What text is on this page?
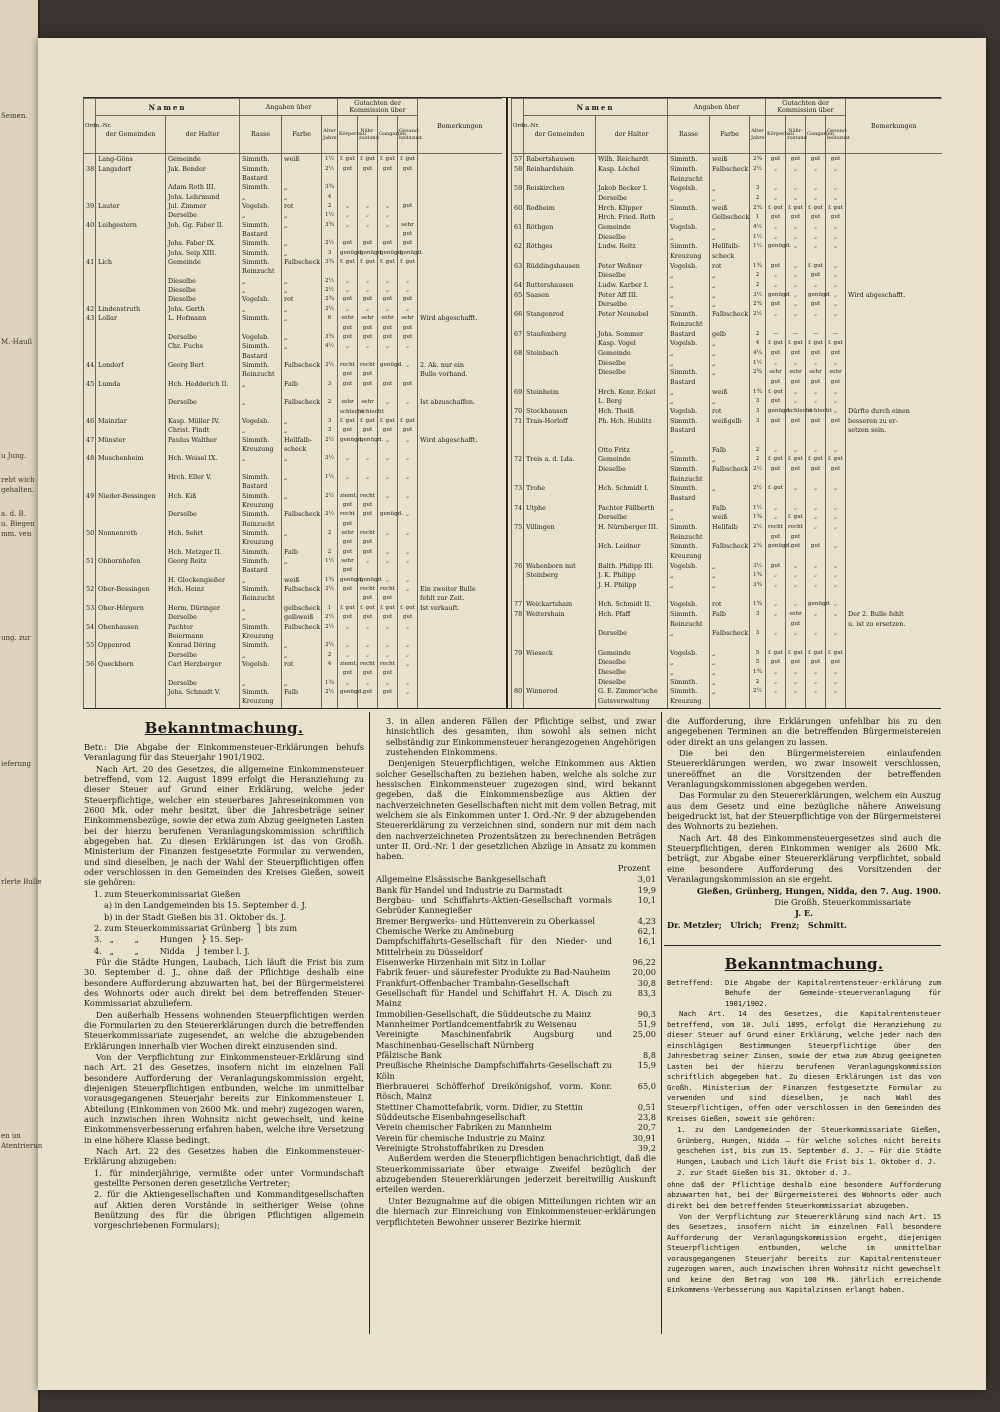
Seinen.
M.-Hauß
u Jung.
rebt wich
gehalten.
a. d. B.
u. Biegen
mm. ven
ung. zur
ieferung
rlerte Bulle
en un
Atentrierun
Ordn.-Nr.	Namen		Angaben über			Gutachten der Kommission über				Bemerkungen
	der Gemeinden	der Halter	Rasse	Farbe	Alter Jahre	Körperbau	Nähr- zustand	Gangarten	Gesund- heitszust.	
	Lang-Göns	Gemeinde	Simmth.	weiß	1½	f. gut	f. gut	f. gut	f. gut	
38	Langsdorf	Jak. Bender	Simmth.		2½	gut	gut	gut	gut	
			Bastard							
		Adam Roth III.	Simmth.	„	3¾					
		Johs. Lehrmund	„	„	4					
39	Lauter	Jul. Zimmer	Vogelsb.	rot	2	„	„	„	gut	
		Derselbe	„	„	1½	„	„	„		
40	Leihgestern	Joh. Gg. Faber II.	Simmth.	„	3¾	„	„	„	sehr	
			Bastard						gut	
		Johs. Faber IX.	Simmth.	„	2½	gut	gut	gut	gut	
		Johs. Seip XIII.	Simmth.	„	3	genügd.	genügd.	genügd.	genügd.	
41	Lich	Gemeinde	Simmth.	Falbscheck	3¾	f. gut	f. gut	f. gut	f. gut	
			Reinzucht							
		Dieselbe	„	„	2½	„	„	„	„	
		Dieselbe	„	„	2½	„	„	„	„	
		Dieselbe	Vogelsb.	rot	2¾	gut	gut	gut	gut	
42	Lindenstruth	Johs. Gerth	„	„	2½	„	„	„	„	
43	Lollar	L. Hofmann	Simmth.	„	6	sehr	sehr	sehr	sehr	Wird abgeschafft.
						gut	gut	gut	gut	
		Derselbe	Vogelsb.	„	3¾	gut	gut	gut	gut	
		Chr. Fuchs	Simmth.	„	4½	„	„	„	„	
			Bastard							
44	Londorf	Georg Bert	Simmth.	Falbscheck	2½	recht	recht	genügd.	„	2. Ak. nur ein
			Reinzucht			gut	gut			Bulle vorhand.
45	Lumda	Hch. Hedderich II.	„	Falb	3	gut	gut	gut	gut	

		Derselbe	„	Falbscheck	2	sehr	sehr	„	„	Ist abzuschaffen.
						schlecht	schlecht			
46	Mainzlar	Kasp. Müller IV.	Vogelsb.	„	3	f. gut	f. gut	f. gut	f. gut	
		Christ. Findt	„	„	3	gut	gut	gut	gut	
47	Münster	Paulus Walther	Simmth.	Hellfalb-	2½	genügd.	genügd.	„	„	Wird abgeschafft.
			Kreuzung	scheck						
48	Muschenheim	Hch. Weisel IX.	„	„	3½	„	„	„	„	

		Hrch. Eller V.	Simmth.	„	1½	„	„	„	„	
			Bastard							
49	Nieder-Bessingen	Hch. Kiß	Simmth.	„	2½	ziemt.	recht	„	„	
			Kreuzung			gut	gut			
		Derselbe	Simmth.	Falbscheck	2½	recht	gut	genügd.	„	
			Reinzucht			gut				
50	Nonnenroth	Hch. Sehrt	Simmth.	„	2	sehr	recht	„	„	
			Kreuzung			gut	gut			
		Hch. Metzger II.	Simmth.	Falb	2	gut	gut	„	„	
51	Obbornhofen	Georg Reitz	Simmth.	„	1½	sehr	„	„	„	
			Bastard			gut				
		H. Glockengießer	„	weiß	1¾	genügd.	genügd.	„	„	
52	Ober-Bessingen	Hch. Heinz	Simmth.	Falbscheck	2½	gut	recht	recht	„	Ein zweiter Bulle
			Reinzucht				gut	gut		fehlt zur Zeit.
53	Ober-Hörgern	Herm. Düringer	„	gelbscheck	1	f. gut	f. gut	f. gut	f. gut	Ist verkauft.
		Derselbe	„	gelbweiß	2½	gut	gut	gut	gut	
54	Obenhausen	Pachter	Simmth.	Falbscheck	2½	„	„	„	„	
		Beiermann	Kreuzung							
55	Oppenrod	Konrad Döring	Simmth.	„	2½	„	„	„	„	
		Derselbe	„	„	2	„	„	„	„	
56	Queckborn	Carl Herzberger	Vogelsb.	rot	4	ziemt.	recht	recht	„	
						gut	gut	gut		
		Derselbe	„	„	1¾	„	„	„	„	
		Johs. Schmidt V.	Simmth.	Falb	2½	genügd.	gut	gut	„	
			Kreuzung							
Ordn.-Nr.	Namen		Angaben über			Gutachten der Kommission über				Bemerkungen
	der Gemeinden	der Halter	Rasse	Farbe	Alter Jahre	Körperbau	Nähr- zustand	Gangarten	Gesund- heitszust.	
57	Rabertshausen	Wilh. Reichardt	Simmth.	weiß	2¾	gut	gut	gut	gut	
58	Reinhardshain	Kasp. Löchel	Simmth.	Falbscheck	2½	„	„	„	„	
			Reinzucht							
59	Reiskirchen	Jakob Becker I.	Vogelsb.	„	3	„	„	„	„	
		Derselbe	„	„	2	„	„	„	„	
60	Rodheim	Hrch. Klipper	Simmth.	weiß	2¾	f. gut	f. gut	f. gut	f. gut	
		Hrch. Fried. Roth	„	Gelbscheck	1	gut	gut	gut	gut	
61	Röthgen	Gemeinde	Vogelsb.	„	4½	„	„	„	„	
		Dieselbe	„	„	1½	„	„	„	„	
62	Röthges	Ludw. Reitz	Simmth.	Hellfalb-	1½	genügd.	„	„	„	
			Kreuzung	scheck						
63	Rüddingshausen	Peter Weßner	Vogelsb.	rot	1¾	gut	„	f. gut	„	
		Dieselbe	„	„	2	„	„	gut	„	
64	Ruttershausen	Ludw. Karber I.	„	„	2	„	„	„	„	
65	Saasen	Peter Aff III.	„	„	3½	genügd.	„	genügd.	„	Wird abgeschafft.
		Derselbe	„	„	2¾	gut	„	gut	„	
66	Stangenrod	Peter Neunobel	Simmth.	Falbscheck	2½	„	„	„	„	
			Reinzucht							
67	Staufenberg	Johs. Sommer	Bastard	gelb	2	—	—	—	—	
		Kasp. Vogel	Vogelsb.	„	4	f. gut	f. gut	f. gut	f. gut	
68	Steinbach	Gemeinde	„	„	4¼	gut	gut	gut	gut	
		Dieselbe	„	„	1½	„	„	„	„	
		Dieselbe	Simmth.	„	2¾	sehr	sehr	sehr	sehr	
			Bastard			gut	gut	gut	gut	
69	Steinheim	Hrch. Konr. Eckel	„	weiß	1¾	f. gut	„	„	„	
		L. Berg	„	„	3	gut	„	„	„	
70	Stockhausen	Hch. Theiß	Vogelsb.	rot	3	genügd.	schlecht	schlecht	„	Dürfte durch einen
71	Trais-Horloff	Ph. Hch. Hublitz	Simmth.	weißgelb	3	gut	gut	gut	gut	besseren zu er-
			Bastard							setzen sein.

		Otto Fritz	„	Falb	2	„	„	„	„	
72	Treis a. d. Lda.	Gemeinde	Simmth.	„	2	f. gut	f. gut	f. gut	f. gut	
		Dieselbe	Simmth.	Falbscheck	2½	gut	gut	gut	gut	
			Reinzucht							
73	Trohe	Hch. Schmidt I.	Simmth.	„	2½	f. gut	„	„	„	
			Bastard							
74	Utphe	Pachter Fällberth	„	Falb	1½	„	„	„	„	
		Derselbe	„	weiß	1¾	„	f. gut	„	„	
75	Villingen	H. Nürnberger III.	Simmth.	Hellfalb	2½	recht	recht	„	„	
			Reinzucht			gut	gut			
		Hch. Leidner	Simmth.	Falbscheck	2¾	genügd.	gut	gut	„	
			Kreuzung							
76	Wahenborn mit	Balth. Philipp III.	Vogelsb.	„	3½	gut	„	„	„	
	Steinberg	J. K. Philipp	„	„	1¾	„	„	„	„	
		J. H. Philipp	„	„	3¾	„	„	„	„	

77	Weickartshain	Hch. Schmidt II.	Vogelsb.	rot	1¾	„	„	genügd.	„	
78	Weitershain	Hch. Pfaff	Simmth.	Falb	3	„	sehr	„	„	Der 2. Bulle fehlt
			Reinzucht				gut			u. ist zu ersetzen.
		Derselbe	„	Falbscheck	3	„	„	„	„	

79	Wieseck	Gemeinde	Vogelsb.	„	5	f. gut	f. gut	f. gut	f. gut	
		Dieselbe	„	„	5	gut	gut	gut	gut	
		Dieselbe	„	„	1¾	„	„	„	„	
		Dieselbe	Simmth.	„	2	„	„	„	„	
80	Winnerod	G. E. Zimmer'sche	Simmth.	„	2½	„	„	„	„	
		Gutsverwaltung	Kreuzung							
Bekanntmachung.

Betr.: Die Abgabe der Einkommensteuer-Erklärungen behufs Veranlagung für das Steuerjahr 1901/1902.

Nach Art. 20 des Gesetzes, die allgemeine Einkommensteuer betreffend, vom 12. August 1899 erfolgt die Heranziehung zu dieser Steuer auf Grund einer Erklärung, welche jeder Steuerpflichtige, welcher ein steuerbares Jahreseinkommen von 2600 Mk. oder mehr besitzt, über die Jahresbeträge seiner Einkommensbezüge, sowie der etwa zum Abzug geeigneten Lasten bei der hierzu berufenen Veranlagungskommission schriftlich abgegeben hat. Zu diesen Erklärungen ist das von Großh. Ministerium der Finanzen festgesetzte Formular zu verwenden, und sind dieselben, je nach der Wahl der Steuerpflichtigen offen oder verschlossen in den Gemeinden des Kreises Gießen, soweit sie gehören:

1. zum Steuerkommissariat Gießen

a) in den Landgemeinden bis 15. September d. J.

b) in der Stadt Gießen bis 31. Oktober ds. J.

2. zum Steuerkommissariat Grünberg  ⎫ bis zum

3.   „        „        Hungen   ⎬ 15. Sep-

4.   „        „        Nidda    ⎭ tember l. J.

Für die Städte Hungen, Laubach, Lich läuft die Frist bis zum 30. September d. J., ohne daß der Pflichtige deshalb eine besondere Aufforderung abzuwarten hat, bei der Bürgermeisterei des Wohnorts oder auch direkt bei dem betreffenden Steuer-Kommissariat abzuliefern.

Den außerhalb Hessens wohnenden Steuerpflichtigen werden die Formularien zu den Steuererklärungen durch die betreffenden Steuerkommissariate zugesendet, an welche die abzugebenden Erklärungen innerhalb vier Wochen direkt einzusenden sind.

Von der Verpflichtung zur Einkommensteuer-Erklärung sind nach Art. 21 des Gesetzes, insofern nicht im einzelnen Fall besondere Aufforderung der Veranlagungskommission ergeht, diejenigen Steuerpflichtigen entbunden, welche im unmittelbar vorausgegangenen Steuerjahr bereits zur Einkommensteuer I. Abteilung (Einkommen von 2600 Mk. und mehr) zugezogen waren, auch inzwischen ihren Wohnsitz nicht gewechselt, und keine Einkommensverbesserung erfahren haben, welche ihre Versetzung in eine höhere Klasse bedingt.

Nach Art. 22 des Gesetzes haben die Einkommensteuer-Erklärung abzugeben:

1. für minderjährige, vermißte oder unter Vormundschaft gestellte Personen deren gesetzliche Vertreter;

2. für die Aktiengesellschaften und Kommanditgesellschaften auf Aktien deren Vorstände in seitheriger Weise (ohne Benützung des für die übrigen Pflichtigen allgemein vorgeschriebenen Formulars);

3. in allen anderen Fällen der Pflichtige selbst, und zwar hinsichtlich des gesamten, ihm sowohl als seinen nicht selbständig zur Einkommensteuer herangezogenen Angehörigen zustehenden Einkommens.

Denjenigen Steuerpflichtigen, welche Einkommen aus Aktien solcher Gesellschaften zu beziehen haben, welche als solche zur hessischen Einkommensteuer zugezogen sind, wird bekannt gegeben, daß die Einkommensbezüge aus Aktien der nachverzeichneten Gesellschaften nicht mit dem vollen Betrag, mit welchem sie als Einkommen unter I. Ord.-Nr. 9 der abzugebenden Steuererklärung zu verzeichnen sind, sondern nur mit dem nach den nachverzeichneten Prozentsätzen zu berechnenden Beträgen unter II. Ord.-Nr. 1 der gesetzlichen Abzüge in Ansatz zu kommen haben.

Prozent

Allgemeine Elsässische Bankgesellschaft	3,01
Bank für Handel und Industrie zu Darmstadt	19,9
Bergbau- und Schiffahrts-Aktien-Gesellschaft vormals Gebrüder Kannegießer
10,1
Bremer Bergwerks- und Hüttenverein zu Oberkassel	4,23
Chemische Werke zu Amöneburg	62,1
Dampfschiffahrts-Gesellschaft für den Nieder- und Mittelrhein zu Düsseldorf
16,1
Eisenwerke Hirzenhain mit Sitz in Lollar	96,22
Fabrik feuer- und säurefester Produkte zu Bad-Nauheim	20,00
Frankfurt-Offenbacher Trambahn-Gesellschaft	30,8
Gesellschaft für Handel und Schiffahrt H. A. Disch zu Mainz
83,3
Immobilien-Gesellschaft, die Süddeutsche zu Mainz	90,3
Mannheimer Portlandcementfabrik zu Weisenau	51,9
Vereinigte Maschinenfabrik Augsburg und Maschinenbau-Gesellschaft Nürnberg
25,00
Pfälzische Bank	8,8
Preußische Rheinische Dampfschiffahrts-Gesellschaft zu Köln
15,9
Bierbrauerei Schöfferhof Dreikönigshof, vorm. Konr. Rösch, Mainz
65,0
Stettiner Chamottefabrik, vorm. Didier, zu Stettin	0,51
Süddeutsche Eisenbahngesellschaft	23,8
Verein chemischer Fabriken zu Mannheim	20,7
Verein für chemische Industrie zu Mainz	30,91
Vereinigte Strohstoffabriken zu Dresden	39,2

Außerdem werden die Steuerpflichtigen benachrichtigt, daß die Steuerkommissariate über etwaige Zweifel bezüglich der abzugebenden Steuererklärungen jederzeit bereitwillig Auskunft erteilen werden.

Unter Bezugnahme auf die obigen Mitteilungen richten wir an die hiernach zur Einreichung von Einkommensteuer-erklärungen verpflichteten Bewohner unserer Bezirke hiermit

die Aufforderung, ihre Erklärungen unfehlbar bis zu den angegebenen Terminen an die betreffenden Bürgermeistereien oder direkt an uns gelangen zu lassen.

Die bei den Bürgermeistereien einlaufenden Steuererklärungen werden, wo zwar insoweit verschlossen, unereöffnet an die Vorsitzenden der betreffenden Veranlagungskommissionen abgegeben werden.

Das Formular zu den Steuererklärungen, welchem ein Auszug aus dem Gesetz und eine bezügliche nähere Anweisung beigedruckt ist, hat der Steuerpflichtige von der Bürgermeisterei des Wohnorts zu beziehen.

Nach Art. 48 des Einkommensteuergesetzes sind auch die Steuerpflichtigen, deren Einkommen weniger als 2600 Mk. beträgt, zur Abgabe einer Steuererklärung verpflichtet, sobald eine besondere Aufforderung des Vorsitzenden der Veranlagungskommission an sie ergeht.

Gießen, Grünberg, Hungen, Nidda, den 7. Aug. 1900.

Die Großh. Steuerkommissariate

J. E.

Dr. Metzler;   Ulrich;   Frenz;   Schmitt.

Bekanntmachung.
Betreffend:	Die Abgabe der Kapitalrentensteuer-erklärung zum Behufe der Gemeinde-steuerveranlagung für 1901/1902.

Nach Art. 14 des Gesetzes, die Kapitalrentensteuer betreffend, vom 10. Juli 1895, erfolgt die Heranziehung zu dieser Steuer auf Grund einer Erklärung, welche jeder nach den einschlägigen Bestimmungen Steuerpflichtige über den Jahresbetrag seiner Zinsen, sowie der etwa zum Abzug geeigneten Lasten bei der hierzu berufenen Veranlagungskommission schriftlich abgegeben hat. Zu diesen Erklärungen ist das von Großh. Ministerium der Finanzen festgesetzte Formular zu verwenden und sind dieselben, je nach Wahl des Steuerpflichtigen, offen oder verschlossen in den Gemeinden des Kreises Gießen, soweit sie gehören:

1. zu den Landgemeinden der Steuerkommissariate Gießen, Grünberg, Hungen, Nidda — für welche solches nicht bereits geschehen ist, bis zum 15. September d. J. — Für die Städte Hungen, Laubach und Lich läuft die Frist bis 1. Oktober d. J.

2. zur Stadt Gießen bis 31. Oktober d. J.

ohne daß der Pflichtige deshalb eine besondere Aufforderung abzuwarten hat, bei der Bürgermeisterei des Wohnorts oder auch direkt bei dem betreffenden Steuerkommissariat abzugeben.

Von der Verpflichtung zur Steuererklärung sind nach Art. 15 des Gesetzes, insofern nicht im einzelnen Fall besondere Aufforderung der Veranlagungskommission ergeht, diejenigen Steuerpflichtigen entbunden, welche im unmittelbar vorausgegangenen Steuerjahr bereits zur Kapitalrentensteuer zugezogen waren, auch inzwischen ihren Wohnsitz nicht gewechselt und keine den Betrag von 100 Mk. jährlich erreichende Einkommens-Verbesserung aus Kapitalzinsen erlangt haben.
